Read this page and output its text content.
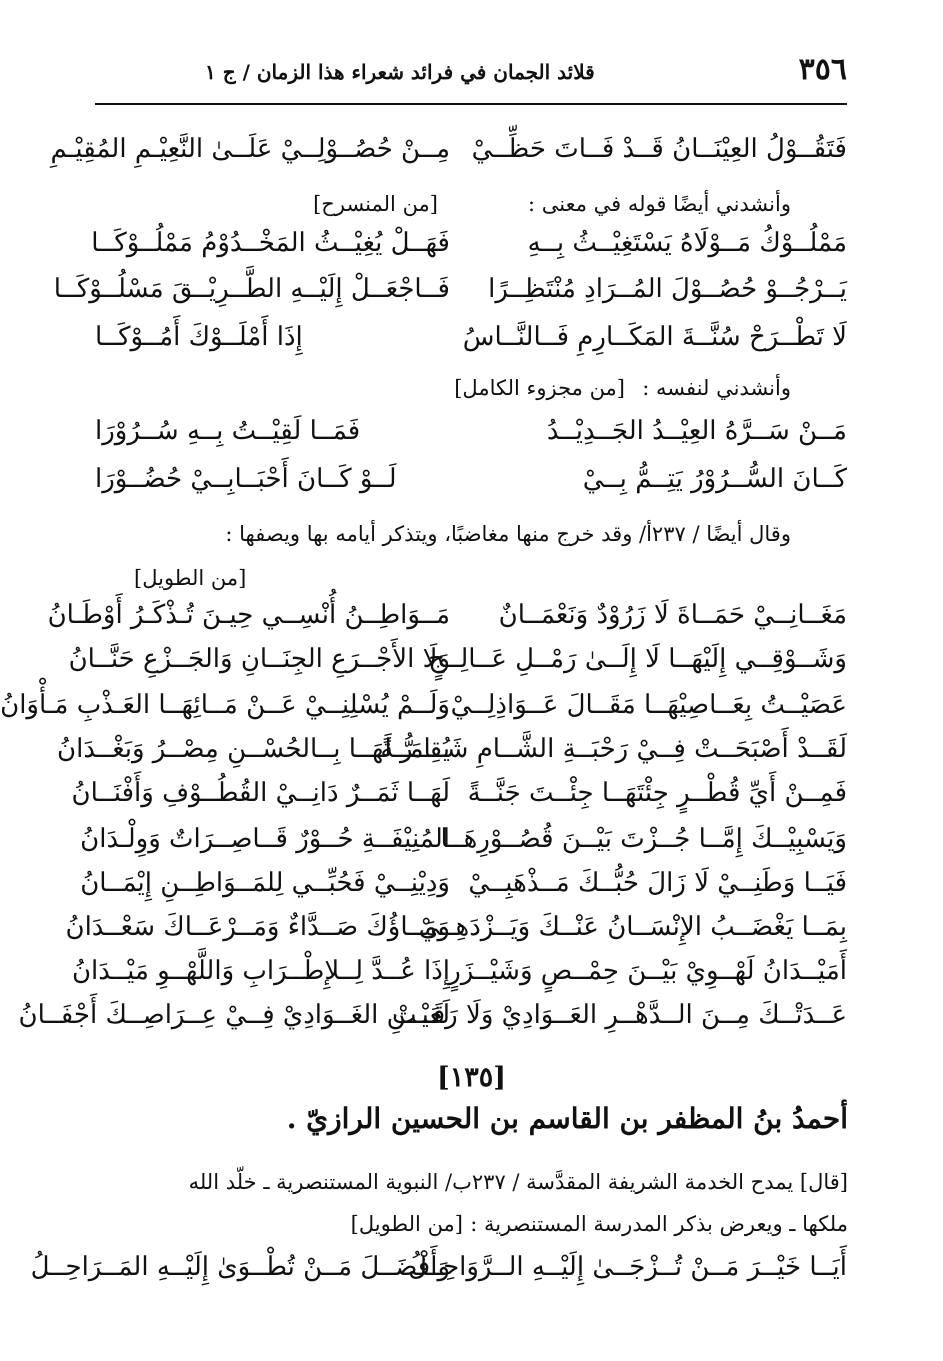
٣٥٦
قلائد الجمان في فرائد شعراء هذا الزمان / ج ١
فَتَقُــوْلُ العِيْنَــانُ قَــدْ فَــاتَ حَظِّــيْ
مِــنْ حُصُــوْلِــيْ عَلَــىٰ النَّعِيْـمِ المُقِيْـمِ
وأنشدني أيضًا قوله في معنى :
[من المنسرح]
مَمْلُــوْكُ مَــوْلَاهُ يَسْتَغِيْــثُ بِــهِ
فَهَــلْ يُغِيْــثُ المَخْــدُوْمُ مَمْلُــوْكَــا
يَــرْجُــوْ حُصُــوْلَ المُــرَادِ مُنْتَظِــرًا
فَــاجْعَــلْ إِلَيْــهِ الطَّــرِيْــقَ مَسْلُــوْكَــا
لَا تَطْــرَحْ سُنَّــةَ المَكَــارِمِ فَــالنَّــاسُ
إِذَا أَمْلَــوْكَ أَمُــوْكَــا
وأنشدني لنفسه :
[من مجزوء الكامل]
مَــنْ سَــرَّهُ العِيْــدُ الجَــدِيْــدُ
فَمَــا لَقِيْــتُ بِــهِ سُــرُوْرَا
كَــانَ السُّــرُوْرُ يَتِــمُّ بِــيْ
لَــوْ كَــانَ أَحْبَــابِــيْ حُضُــوْرَا
وقال أيضًا / ٢٣٧أ/ وقد خرج منها مغاضبًا، ويتذكر أيامه بها ويصفها :
[من الطويل]
مَغَــانِــيْ حَمَــاةَ لَا زَرُوْدٌ وَنَعْمَــانٌ
مَــوَاطِــنُ أُنْسِــي حِيـنَ تُـذْكَـرُ أَوْطَـانُ
وَشَــوْقِــي إِلَيْهَــا لَا إِلَــىٰ رَمْــلِ عَــالِــجٍ
وَلَا الأَجْــرَعِ الجِنَــانِ وَالجَــزْعِ حَنَّــانُ
عَصَيْــتُ بِعَــاصِيْهَــا مَقَــالَ عَــوَاذِلِــيْ
وَلَــمْ يُسْلِنِــيْ عَــنْ مَــائِهَــا العَـذْبِ مَـأْوَانُ
لَقَــدْ أَصْبَحَــتْ فِــيْ رَحْبَــةِ الشَّــامِ شَــامَــةً
يُقِــرُّ لَهَــا بِــالحُسْــنِ مِصْــرُ وَبَغْــدَانُ
فَمِــنْ أَيِّ قُطْــرٍ جِئْتَهَــا جِئْــتَ جَنَّــةً
لَهَــا ثَمَــرٌ دَانِــيْ القُطُــوْفِ وَأَفْنَــانُ
وَيَسْبِيْــكَ إِمَّــا جُــزْتَ بَيْــنَ قُصُــوْرِهَــا
المُنِيْفَــةِ حُــوْرٌ قَــاصِــرَاتٌ وَوِلْـدَانُ
فَيَــا وَطَنِــيْ لَا زَالَ حُبُّــكَ مَــذْهَبِــيْ
وَدِيْنِــيْ فَحُبِّــي لِلمَــوَاطِــنِ إِيْمَــانُ
بِمَــا يَغْضَــبُ الإِنْسَــانُ عَنْــكَ وَيَــزْدَهِــيْ
وَمَــاؤُكَ صَــدَّاءٌ وَمَــرْعَــاكَ سَعْــدَانُ
أَمَيْــدَانُ لَهْــوِيْ بَيْــنَ حِمْــصٍ وَشَيْــزَرٍ
إِذَا عُــدَّ لِــلإِطْــرَابِ وَاللَّهْــوِ مَيْــدَانُ
عَــدَتْــكَ مِــنَ الــدَّهْــرِ العَــوَادِيْ وَلَا رَقَــتْ
لَعَيْــنِ الغَــوَادِيْ فِــيْ عِــرَاصِــكَ أَجْفَــانُ
[١٣٥]
أحمدُ بنُ المظفر بن القاسم بن الحسين الرازيّ .
[قال] يمدح الخدمة الشريفة المقدَّسة / ٢٣٧ب/ النبوية المستنصرية ـ خلّد الله
ملكها ـ ويعرض بذكر المدرسة المستنصرية :
[من الطويل]
أَيَــا خَيْــرَ مَــنْ تُــزْجَــىٰ إِلَيْــهِ الــرَّوَاحِــلُ
وَأَفْضَــلَ مَــنْ تُطْــوَىٰ إِلَيْــهِ المَــرَاحِــلُ
